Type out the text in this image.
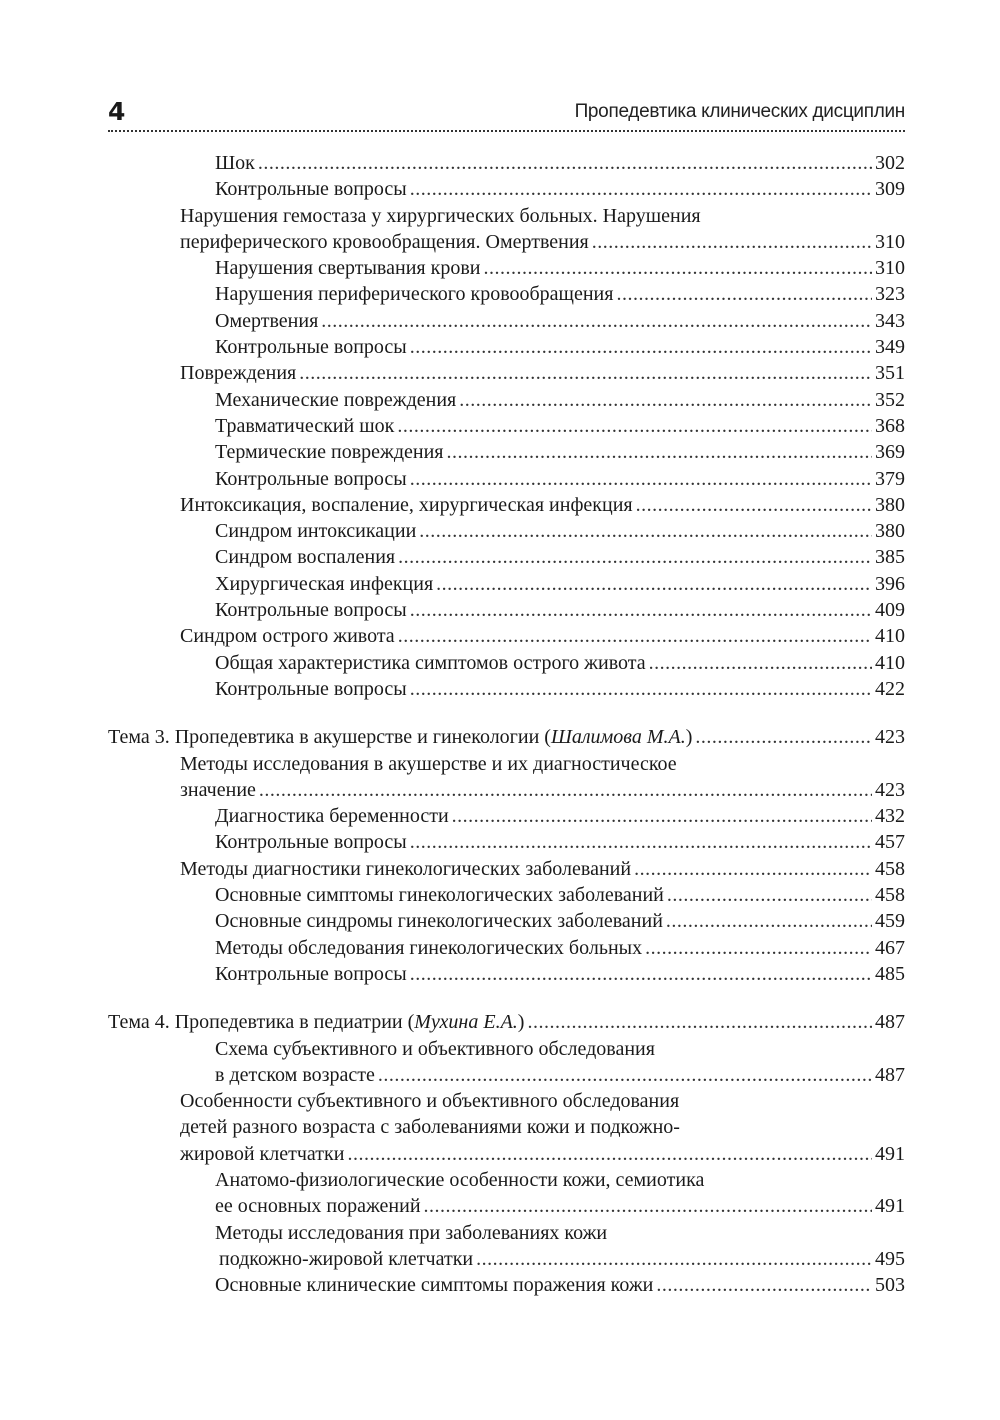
4	Пропедевтика клинических дисциплин
Шок .....	302
Контрольные вопросы .....	309
Нарушения гемостаза у хирургических больных. Нарушения
периферического кровообращения. Омертвения .....	310
Нарушения свертывания крови .....	310
Нарушения периферического кровообращения .....	323
Омертвения .....	343
Контрольные вопросы .....	349
Повреждения .....	351
Механические повреждения .....	352
Травматический шок .....	368
Термические повреждения .....	369
Контрольные вопросы .....	379
Интоксикация, воспаление, хирургическая инфекция .....	380
Синдром интоксикации .....	380
Синдром воспаления .....	385
Хирургическая инфекция .....	396
Контрольные вопросы .....	409
Синдром острого живота .....	410
Общая характеристика симптомов острого живота .....	410
Контрольные вопросы .....	422
Тема 3. Пропедевтика в акушерстве и гинекологии (Шалимова М.А.) .....	423
Методы исследования в акушерстве и их диагностическое
значение .....	423
Диагностика беременности .....	432
Контрольные вопросы .....	457
Методы диагностики гинекологических заболеваний .....	458
Основные симптомы гинекологических заболеваний .....	458
Основные синдромы гинекологических заболеваний .....	459
Методы обследования гинекологических больных .....	467
Контрольные вопросы .....	485
Тема 4. Пропедевтика в педиатрии (Мухина Е.А.) .....	487
Схема субъективного и объективного обследования
в детском возрасте .....	487
Особенности субъективного и объективного обследования
детей разного возраста с заболеваниями кожи и подкожно-
жировой клетчатки .....	491
Анатомо-физиологические особенности кожи, семиотика
ее основных поражений .....	491
Методы исследования при заболеваниях кожи
подкожно-жировой клетчатки .....	495
Основные клинические симптомы поражения кожи .....	503
